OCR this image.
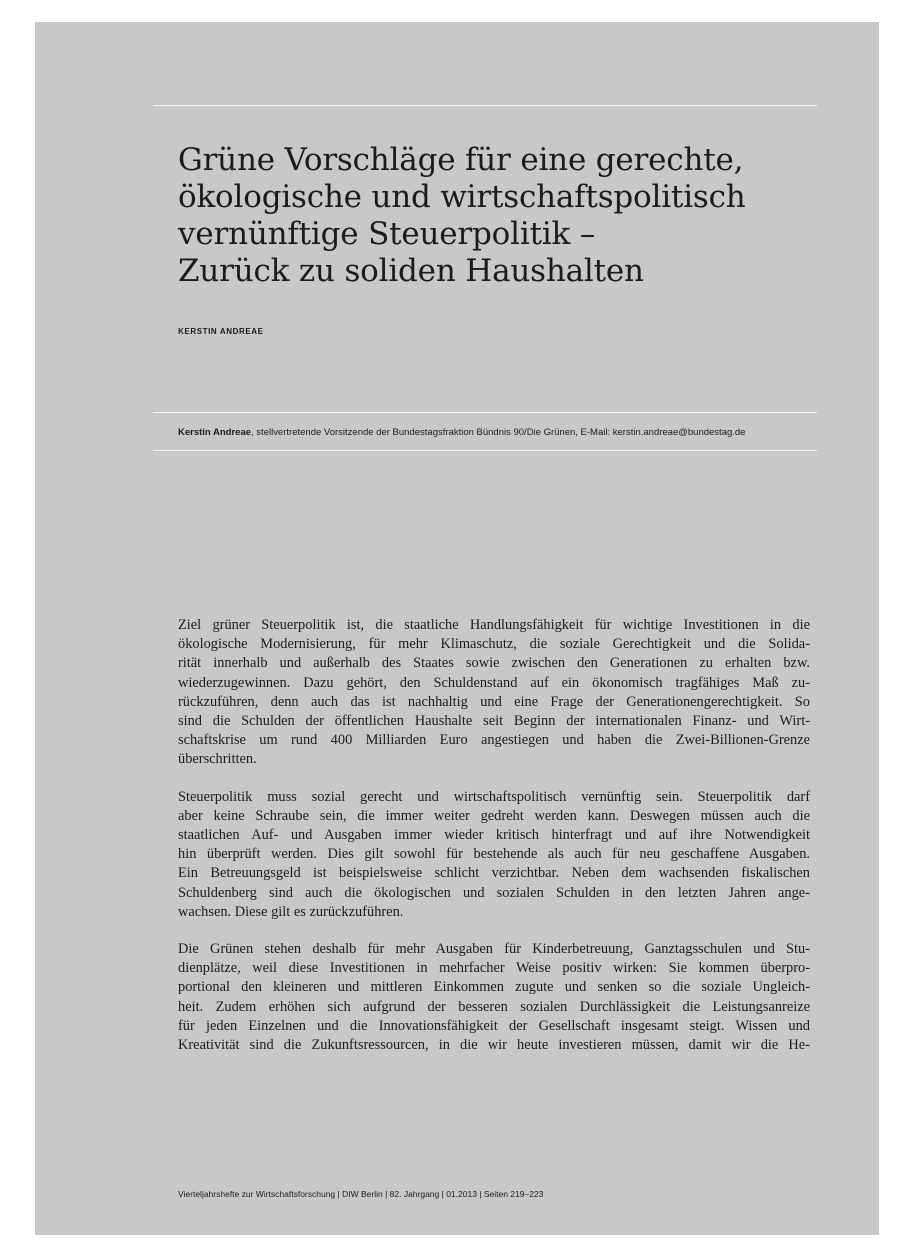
Grüne Vorschläge für eine gerechte,
ökologische und wirtschaftspolitisch
vernünftige Steuerpolitik –
Zurück zu soliden Haushalten
KERSTIN ANDREAE
Kerstin Andreae, stellvertretende Vorsitzende der Bundestagsfraktion Bündnis 90/Die Grünen, E-Mail: kerstin.andreae@bundestag.de

Ziel grüner Steuerpolitik ist, die staatliche Handlungsfähigkeit für wichtige Investitionen in die
ökologische Modernisierung, für mehr Klimaschutz, die soziale Gerechtigkeit und die Solida-
rität innerhalb und außerhalb des Staates sowie zwischen den Generationen zu erhalten bzw.
wiederzugewinnen. Dazu gehört, den Schuldenstand auf ein ökonomisch tragfähiges Maß zu-
rückzuführen, denn auch das ist nachhaltig und eine Frage der Generationengerechtigkeit. So
sind die Schulden der öffentlichen Haushalte seit Beginn der internationalen Finanz- und Wirt-
schaftskrise um rund 400 Milliarden Euro angestiegen und haben die Zwei-Billionen-Grenze
überschritten.

Steuerpolitik muss sozial gerecht und wirtschaftspolitisch vernünftig sein. Steuerpolitik darf
aber keine Schraube sein, die immer weiter gedreht werden kann. Deswegen müssen auch die
staatlichen Auf- und Ausgaben immer wieder kritisch hinterfragt und auf ihre Notwendigkeit
hin überprüft werden. Dies gilt sowohl für bestehende als auch für neu geschaffene Ausgaben.
Ein Betreuungsgeld ist beispielsweise schlicht verzichtbar. Neben dem wachsenden fiskalischen
Schuldenberg sind auch die ökologischen und sozialen Schulden in den letzten Jahren ange-
wachsen. Diese gilt es zurückzuführen.

Die Grünen stehen deshalb für mehr Ausgaben für Kinderbetreuung, Ganztagsschulen und Stu-
dienplätze, weil diese Investitionen in mehrfacher Weise positiv wirken: Sie kommen überpro-
portional den kleineren und mittleren Einkommen zugute und senken so die soziale Ungleich-
heit. Zudem erhöhen sich aufgrund der besseren sozialen Durchlässigkeit die Leistungsanreize
für jeden Einzelnen und die Innovationsfähigkeit der Gesellschaft insgesamt steigt. Wissen und
Kreativität sind die Zukunftsressourcen, in die wir heute investieren müssen, damit wir die He-

Vierteljahrshefte zur Wirtschaftsforschung | DIW Berlin | 82. Jahrgang | 01.2013 | Seiten 219–223
